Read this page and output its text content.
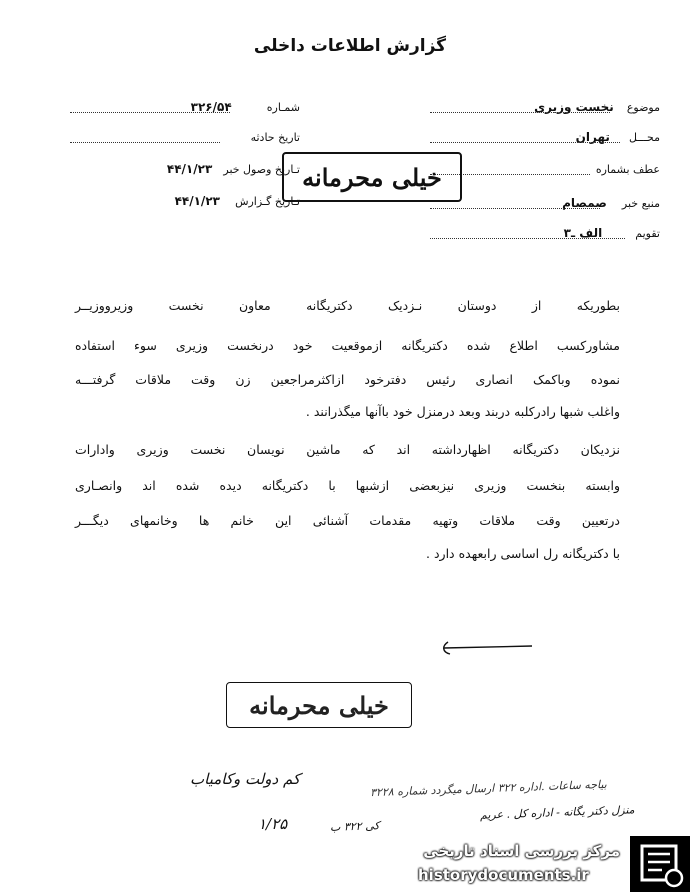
گزارش اطلاعات داخلی
موضوع نخست وزیری
محـــل تهران
عطف بشماره
منبع خبر صمصام
تقویم الف ـ۳
شمـاره ۳۲۶/۵۴
تاریخ حادثه
تـاریخ وصول خبر ۴۴/۱/۲۳
تـاریخ گـزارش ۴۴/۱/۲۳
خیلی محرمانه
بطوریکه از دوستان نـزدیک دکتریگانه معاون نخست وزیرووزیــر
مشاورکسب اطلاع شده دکتریگانه ازموقعیت خود درنخست وزیری سوء استفاده
نموده وباکمک انصاری رئیس دفترخود ازاکثرمراجعین زن وقت ملاقات گرفتـــه
واغلب شبها رادرکلبه دربند وبعد درمنزل خود باآنها میگذرانند .
نزدیکان دکتریگانه اظهارداشته اند که ماشین نویسان نخست وزیری وادارات
وابسته بنخست وزیری نیزبعضی ازشبها با دکتریگانه دیده شده اند وانصـاری
درتعیین وقت ملاقات وتهیه مقدمات آشنائی این خانم ها وخانمهای دیگـــر
با دکتریگانه رل اساسی رابعهده دارد .
خیلی محرمانه
کم دولت وکامیاب
۱/۲۵
بیاجه ساعات .اداره ۳۲۲ ارسال میگردد شماره ۳۲۲۸
منزل دکتر یگانه - اداره کل . عریم
کی ۳۲۲ ب
مرکز بررسی اسناد تاریخی
historydocuments.ir
